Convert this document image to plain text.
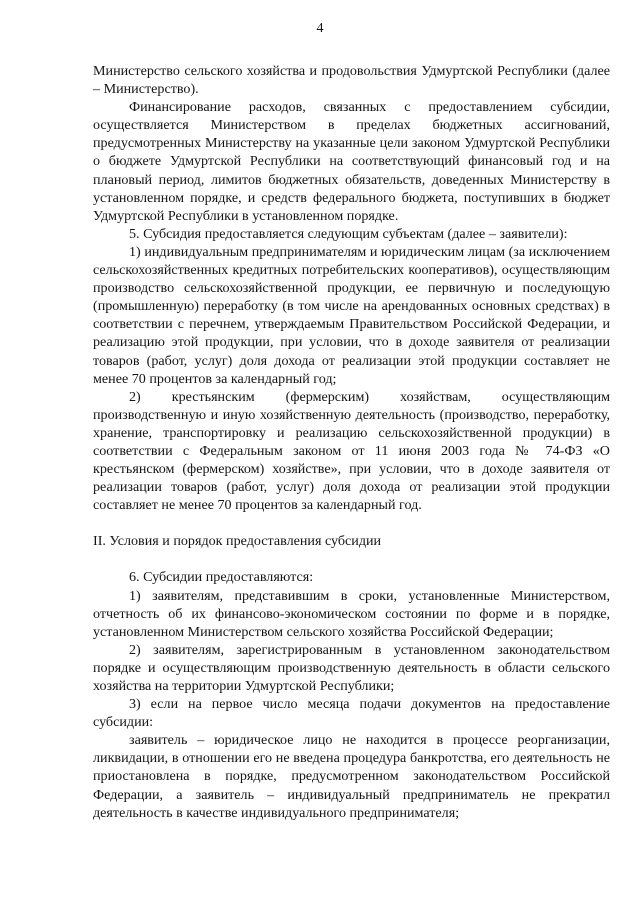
4

Министерство сельского хозяйства и продовольствия Удмуртской Республики (далее – Министерство).

Финансирование расходов, связанных с предоставлением субсидии, осуществляется Министерством в пределах бюджетных ассигнований, предусмотренных Министерству на указанные цели законом Удмуртской Республики о бюджете Удмуртской Республики на соответствующий финансовый год и на плановый период, лимитов бюджетных обязательств, доведенных Министерству в установленном порядке, и средств федерального бюджета, поступивших в бюджет Удмуртской Республики в установленном порядке.

5. Субсидия предоставляется следующим субъектам (далее – заявители):

1) индивидуальным предпринимателям и юридическим лицам (за исключением сельскохозяйственных кредитных потребительских кооперативов), осуществляющим производство сельскохозяйственной продукции, ее первичную и последующую (промышленную) переработку (в том числе на арендованных основных средствах) в соответствии с перечнем, утверждаемым Правительством Российской Федерации, и реализацию этой продукции, при условии, что в доходе заявителя от реализации товаров (работ, услуг) доля дохода от реализации этой продукции составляет не менее 70 процентов за календарный год;

2) крестьянским (фермерским) хозяйствам, осуществляющим производственную и иную хозяйственную деятельность (производство, переработку, хранение, транспортировку и реализацию сельскохозяйственной продукции) в соответствии с Федеральным законом от 11 июня 2003 года № 74-ФЗ «О крестьянском (фермерском) хозяйстве», при условии, что в доходе заявителя от реализации товаров (работ, услуг) доля дохода от реализации этой продукции составляет не менее 70 процентов за календарный год.

II. Условия и порядок предоставления субсидии

6. Субсидии предоставляются:

1) заявителям, представившим в сроки, установленные Министерством, отчетность об их финансово-экономическом состоянии по форме и в порядке, установленном Министерством сельского хозяйства Российской Федерации;

2) заявителям, зарегистрированным в установленном законодательством порядке и осуществляющим производственную деятельность в области сельского хозяйства на территории Удмуртской Республики;

3) если на первое число месяца подачи документов на предоставление субсидии:

заявитель – юридическое лицо не находится в процессе реорганизации, ликвидации, в отношении его не введена процедура банкротства, его деятельность не приостановлена в порядке, предусмотренном законодательством Российской Федерации, а заявитель – индивидуальный предприниматель не прекратил деятельность в качестве индивидуального предпринимателя;
